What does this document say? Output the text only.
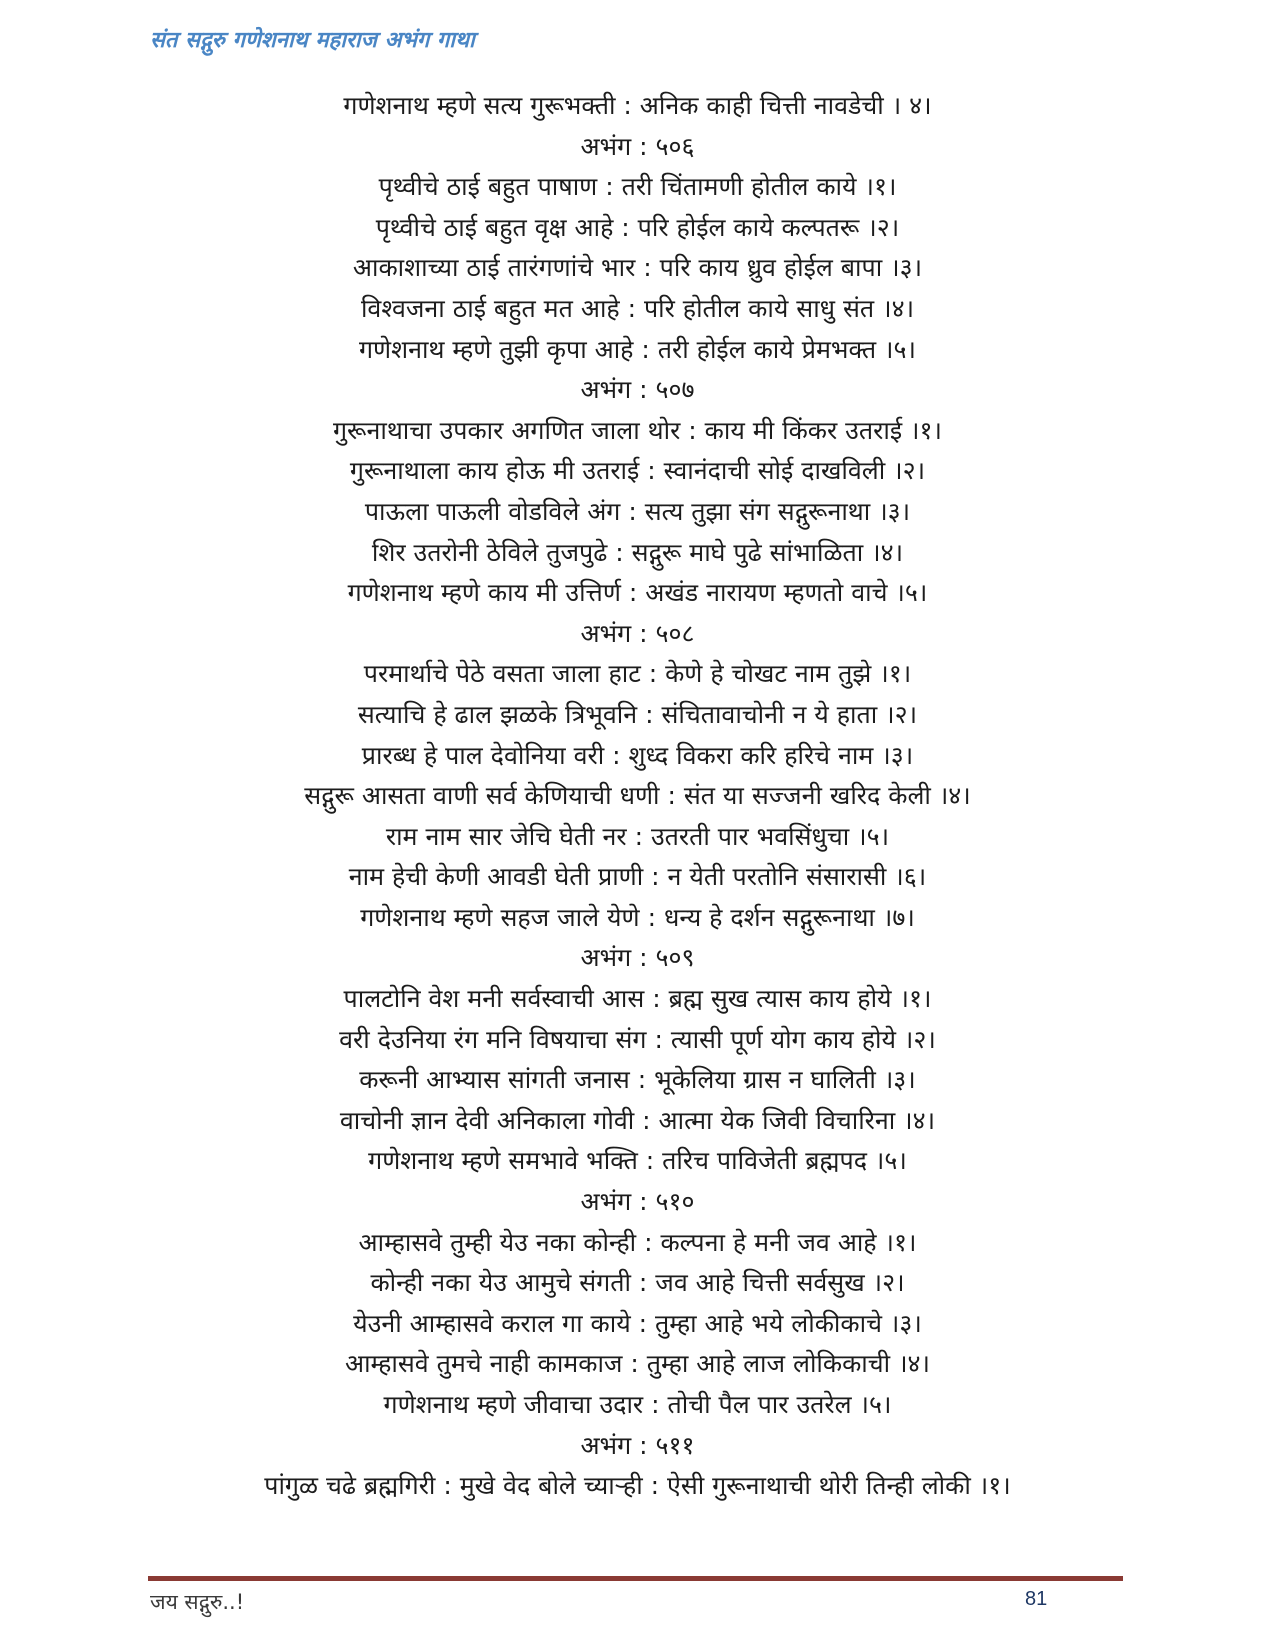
संत सद्गुरु गणेशनाथ महाराज अभंग गाथा
गणेशनाथ म्हणे सत्य गुरूभक्ती : अनिक काही चित्ती नावडेची । ४।
अभंग : ५०६
पृथ्वीचे ठाई बहुत पाषाण : तरी चिंतामणी होतील काये ।१।
पृथ्वीचे ठाई बहुत वृक्ष आहे : परि होईल काये कल्पतरू ।२।
आकाशाच्या ठाई तारंगणांचे भार : परि काय ध्रुव होईल बापा ।३।
विश्वजना ठाई बहुत मत आहे : परि होतील काये साधु संत ।४।
गणेशनाथ म्हणे तुझी कृपा आहे : तरी होईल काये प्रेमभक्त ।५।
अभंग : ५०७
गुरूनाथाचा उपकार अगणित जाला थोर : काय मी किंकर उतराई ।१।
गुरूनाथाला काय होऊ मी उतराई : स्वानंदाची सोई दाखविली ।२।
पाऊला पाऊली वोडविले अंग : सत्य तुझा संग सद्गुरूनाथा ।३।
शिर उतरोनी ठेविले तुजपुढे : सद्गुरू माघे पुढे सांभाळिता ।४।
गणेशनाथ म्हणे काय मी उत्तिर्ण : अखंड नारायण म्हणतो वाचे ।५।
अभंग : ५०८
परमार्थाचे पेठे वसता जाला हाट : केणे हे चोखट नाम तुझे ।१।
सत्याचि हे ढाल झळके त्रिभूवनि : संचितावाचोनी न ये हाता ।२।
प्रारब्ध हे पाल देवोनिया वरी : शुध्द विकरा करि हरिचे नाम ।३।
सद्गुरू आसता वाणी सर्व केणियाची धणी : संत या सज्जनी खरिद केली ।४।
राम नाम सार जेचि घेती नर : उतरती पार भवसिंधुचा ।५।
नाम हेची केणी आवडी घेती प्राणी : न येती परतोनि संसारासी ।६।
गणेशनाथ म्हणे सहज जाले येणे : धन्य हे दर्शन सद्गुरूनाथा ।७।
अभंग : ५०९
पालटोनि वेश मनी सर्वस्वाची आस : ब्रह्म सुख त्यास काय होये ।१।
वरी देउनिया रंग मनि विषयाचा संग : त्यासी पूर्ण योग काय होये ।२।
करूनी आभ्यास सांगती जनास : भूकेलिया ग्रास न घालिती ।३।
वाचोनी ज्ञान देवी अनिकाला गोवी : आत्मा येक जिवी विचारिना ।४।
गणेशनाथ म्हणे समभावे भक्ति : तरिच पाविजेती ब्रह्मपद ।५।
अभंग : ५१०
आम्हासवे तुम्ही येउ नका कोन्ही : कल्पना हे मनी जव आहे ।१।
कोन्ही नका येउ आमुचे संगती : जव आहे चित्ती सर्वसुख ।२।
येउनी आम्हासवे कराल गा काये : तुम्हा आहे भये लोकीकाचे ।३।
आम्हासवे तुमचे नाही कामकाज : तुम्हा आहे लाज लोकिकाची ।४।
गणेशनाथ म्हणे जीवाचा उदार : तोची पैल पार उतरेल ।५।
अभंग : ५११
पांगुळ चढे ब्रह्मगिरी : मुखे वेद बोले च्याऱ्ही : ऐसी गुरूनाथाची थोरी तिन्ही लोकी ।१।
जय सद्गुरु..!	81
